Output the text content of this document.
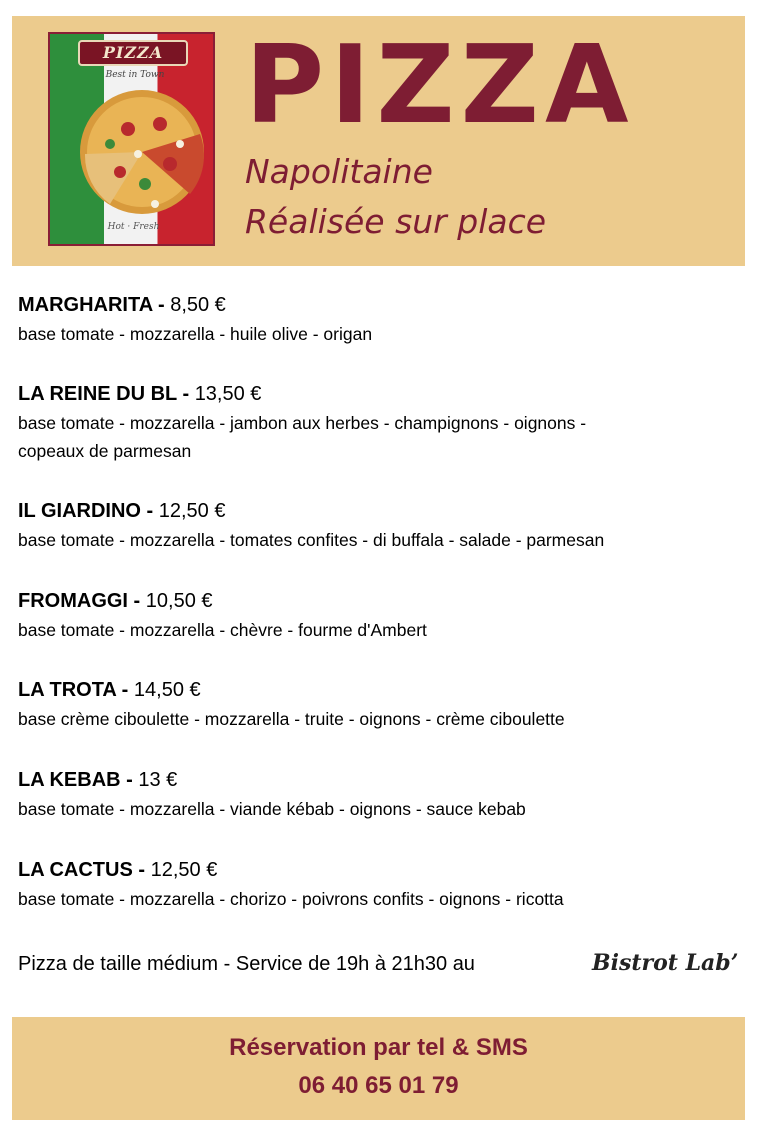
PIZZA
Best in Town
Hot · Fresh
PIZZA
Napolitaine
Réalisée sur place
MARGHARITA - 8,50 €
base tomate - mozzarella - huile olive - origan
LA REINE DU BL - 13,50 €
base tomate - mozzarella - jambon aux herbes - champignons - oignons -
copeaux de parmesan
IL GIARDINO - 12,50 €
base tomate - mozzarella - tomates confites - di buffala - salade - parmesan
FROMAGGI - 10,50 €
base tomate - mozzarella - chèvre - fourme d'Ambert
LA TROTA - 14,50 €
base crème ciboulette - mozzarella - truite - oignons - crème ciboulette
LA KEBAB - 13 €
base tomate - mozzarella - viande kébab - oignons - sauce kebab
LA CACTUS - 12,50 €
base tomate - mozzarella - chorizo - poivrons confits - oignons - ricotta
Pizza de taille médium - Service de 19h à 21h30 au	Bistrot Lab’
Réservation par tel & SMS
06 40 65 01 79
